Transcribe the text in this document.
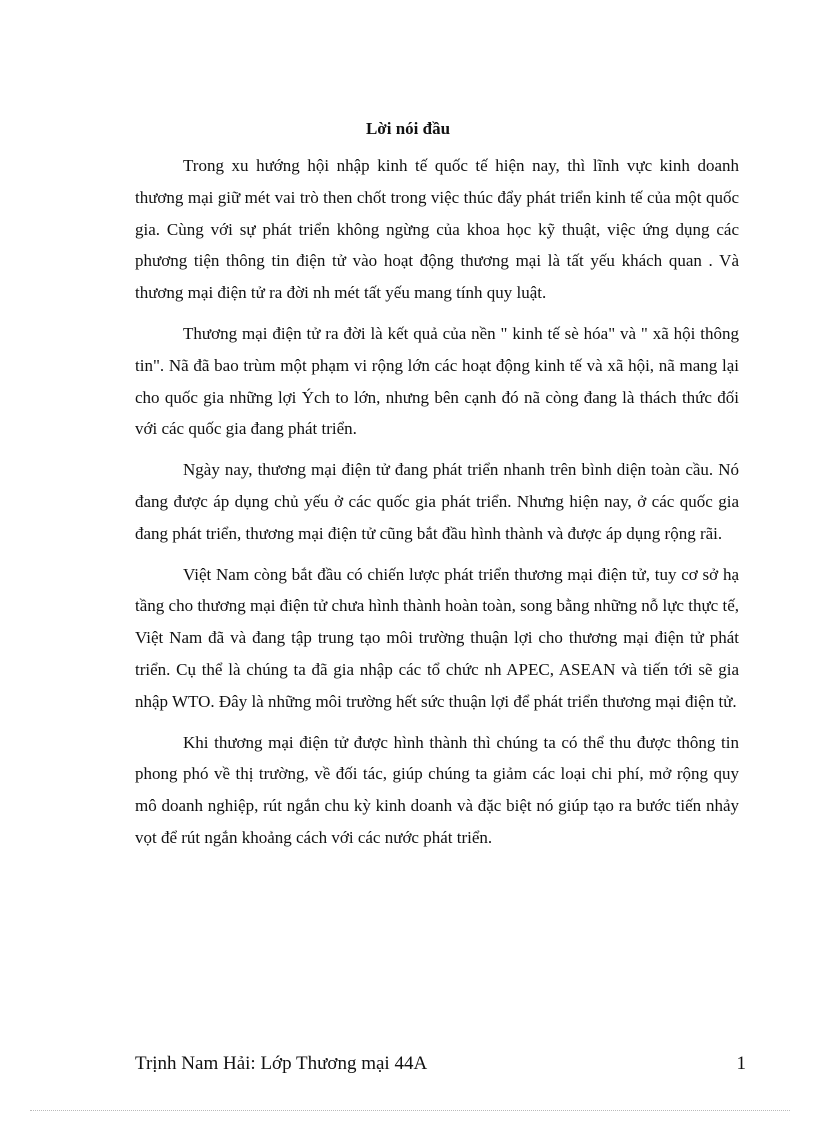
Lời nói đầu

Trong xu hướng hội nhập kinh tế quốc tế hiện nay, thì lĩnh vực kinh doanh thương mại giữ mét vai trò then chốt trong việc thúc đẩy phát triển kinh tế của một quốc gia. Cùng với sự phát triển không ngừng của khoa học kỹ thuật, việc ứng dụng các phương tiện thông tin điện tử vào hoạt động thương mại là tất yếu khách quan . Và thương mại điện tử ra đời nh mét tất yếu mang tính quy luật.

Thương mại điện tử ra đời là kết quả của nền " kinh tế sè hóa" và " xã hội thông tin". Nã đã bao trùm một phạm vi rộng lớn các hoạt động kinh tế và xã hội, nã mang lại cho quốc gia những lợi Ých to lớn, nhưng bên cạnh đó nã còng đang là thách thức đối với các quốc gia đang phát triển.

Ngày nay, thương mại điện tử đang phát triển nhanh trên bình diện toàn cầu. Nó đang được áp dụng chủ yếu ở các quốc gia phát triển. Nhưng hiện nay, ở các quốc gia đang phát triển, thương mại điện tử cũng bắt đầu hình thành và được áp dụng rộng rãi.

Việt Nam còng bắt đầu có chiến lược phát triển thương mại điện tử, tuy cơ sở hạ tầng cho thương mại điện tử chưa hình thành hoàn toàn, song bằng những nỗ lực thực tế, Việt Nam đã và đang tập trung tạo môi trường thuận lợi cho thương mại điện tử phát triển. Cụ thể là chúng ta đã gia nhập các tổ chức nh APEC, ASEAN và tiến tới sẽ gia nhập WTO. Đây là những môi trường hết sức thuận lợi để phát triển thương mại điện tử.

Khi thương mại điện tử được hình thành thì chúng ta có thể thu được thông tin phong phó về thị trường, về đối tác, giúp chúng ta giảm các loại chi phí, mở rộng quy mô doanh nghiệp, rút ngắn chu kỳ kinh doanh và đặc biệt nó giúp tạo ra bước tiến nhảy vọt để rút ngắn khoảng cách với các nước phát triển.

Trịnh Nam Hải: Lớp Thương mại 44A	1
